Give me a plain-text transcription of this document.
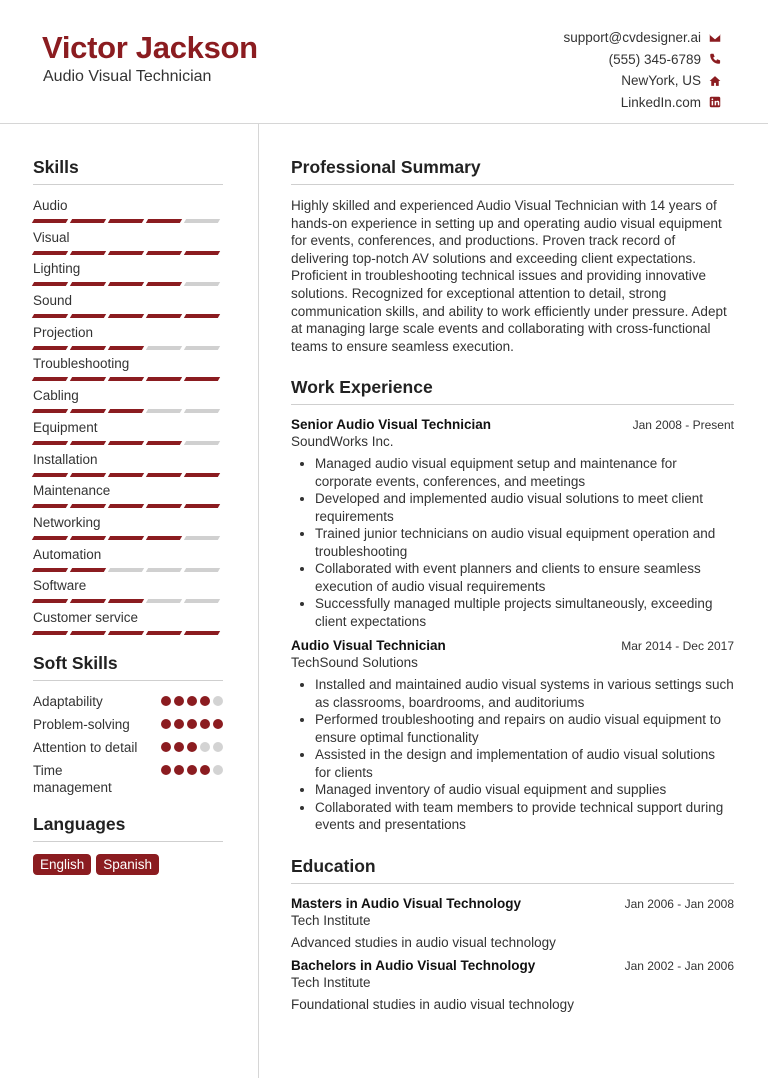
Victor Jackson
Audio Visual Technician
support@cvdesigner.ai
(555) 345-6789
NewYork, US
LinkedIn.com
Skills
Audio
Visual
Lighting
Sound
Projection
Troubleshooting
Cabling
Equipment
Installation
Maintenance
Networking
Automation
Software
Customer service
Soft Skills
Adaptability
Problem-solving
Attention to detail
Time management
Languages
English	Spanish
Professional Summary

Highly skilled and experienced Audio Visual Technician with 14 years of hands-on experience in setting up and operating audio visual equipment for events, conferences, and productions. Proven track record of delivering top-notch AV solutions and exceeding client expectations. Proficient in troubleshooting technical issues and providing innovative solutions. Recognized for exceptional attention to detail, strong communication skills, and ability to work efficiently under pressure. Adept at managing large scale events and collaborating with cross-functional teams to ensure seamless execution.

Work Experience
Senior Audio Visual Technician	Jan 2008 - Present
SoundWorks Inc.
• Managed audio visual equipment setup and maintenance for corporate events, conferences, and meetings
• Developed and implemented audio visual solutions to meet client requirements
• Trained junior technicians on audio visual equipment operation and troubleshooting
• Collaborated with event planners and clients to ensure seamless execution of audio visual requirements
• Successfully managed multiple projects simultaneously, exceeding client expectations
Audio Visual Technician	Mar 2014 - Dec 2017
TechSound Solutions
• Installed and maintained audio visual systems in various settings such as classrooms, boardrooms, and auditoriums
• Performed troubleshooting and repairs on audio visual equipment to ensure optimal functionality
• Assisted in the design and implementation of audio visual solutions for clients
• Managed inventory of audio visual equipment and supplies
• Collaborated with team members to provide technical support during events and presentations
Education
Masters in Audio Visual Technology	Jan 2006 - Jan 2008
Tech Institute
Advanced studies in audio visual technology
Bachelors in Audio Visual Technology	Jan 2002 - Jan 2006
Tech Institute
Foundational studies in audio visual technology
